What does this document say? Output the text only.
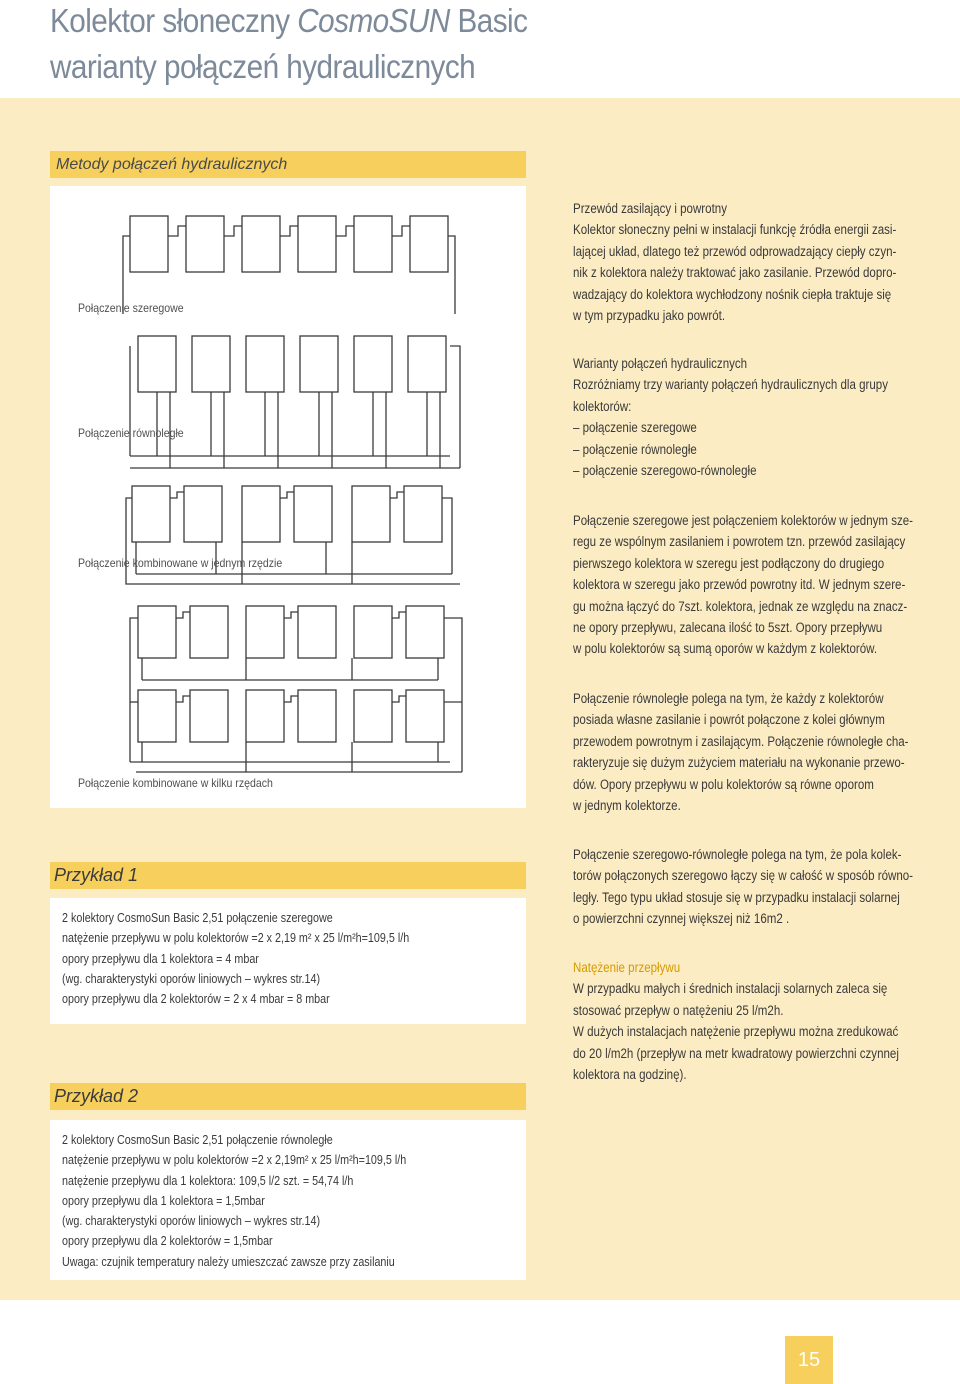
Kolektor słoneczny CosmoSUN Basic
warianty połączeń hydraulicznych
Metody połączeń hydraulicznych
Połączenie szeregowe
Połączenie równoległe
Połączenie kombinowane w jednym rzędzie
Połączenie kombinowane w kilku rzędach
Przykład 1
2 kolektory CosmoSun Basic 2,51 połączenie szeregowe
natężenie przepływu w polu kolektorów =2 x 2,19 m² x 25 l/m²h=109,5 l/h
opory przepływu dla 1 kolektora = 4 mbar
(wg. charakterystyki oporów liniowych – wykres str.14)
opory przepływu dla 2 kolektorów = 2 x 4 mbar = 8 mbar
Przykład 2
2 kolektory CosmoSun Basic 2,51 połączenie równoległe
natężenie przepływu w polu kolektorów =2 x 2,19m² x 25 l/m²h=109,5 l/h
natężenie przepływu dla 1 kolektora: 109,5 l/2 szt. = 54,74 l/h
opory przepływu dla 1 kolektora = 1,5mbar
(wg. charakterystyki oporów liniowych – wykres str.14)
opory przepływu dla 2 kolektorów = 1,5mbar
Uwaga: czujnik temperatury należy umieszczać zawsze przy zasilaniu
Przewód zasilający i powrotny
Kolektor słoneczny pełni w instalacji funkcję źródła energii zasi-
lającej układ, dlatego też przewód odprowadzający ciepły czyn-
nik z kolektora należy traktować jako zasilanie. Przewód dopro-
wadzający do kolektora wychłodzony nośnik ciepła traktuje się
w tym przypadku jako powrót.
Warianty połączeń hydraulicznych
Rozróżniamy trzy warianty połączeń hydraulicznych dla grupy
kolektorów:
– połączenie szeregowe
– połączenie równoległe
– połączenie szeregowo-równoległe
Połączenie szeregowe jest połączeniem kolektorów w jednym sze-
regu ze wspólnym zasilaniem i powrotem tzn. przewód zasilający
pierwszego kolektora w szeregu jest podłączony do drugiego
kolektora w szeregu jako przewód powrotny itd. W jednym szere-
gu można łączyć do 7szt. kolektora, jednak ze względu na znacz-
ne opory przepływu, zalecana ilość to 5szt. Opory przepływu
w polu kolektorów są sumą oporów w każdym z kolektorów.
Połączenie równoległe polega na tym, że każdy z kolektorów
posiada własne zasilanie i powrót połączone z kolei głównym
przewodem powrotnym i zasilającym. Połączenie równoległe cha-
rakteryzuje się dużym zużyciem materiału na wykonanie przewo-
dów. Opory przepływu w polu kolektorów są równe oporom
w jednym kolektorze.
Połączenie szeregowo-równoległe polega na tym, że pola kolek-
torów połączonych szeregowo łączy się w całość w sposób równo-
legły. Tego typu układ stosuje się w przypadku instalacji solarnej
o powierzchni czynnej większej niż 16m2 .
Natężenie przepływu
W przypadku małych i średnich instalacji solarnych zaleca się
stosować przepływ o natężeniu 25 l/m2h.
W dużych instalacjach natężenie przepływu można zredukować
do 20 l/m2h (przepływ na metr kwadratowy powierzchni czynnej
kolektora na godzinę).
15
